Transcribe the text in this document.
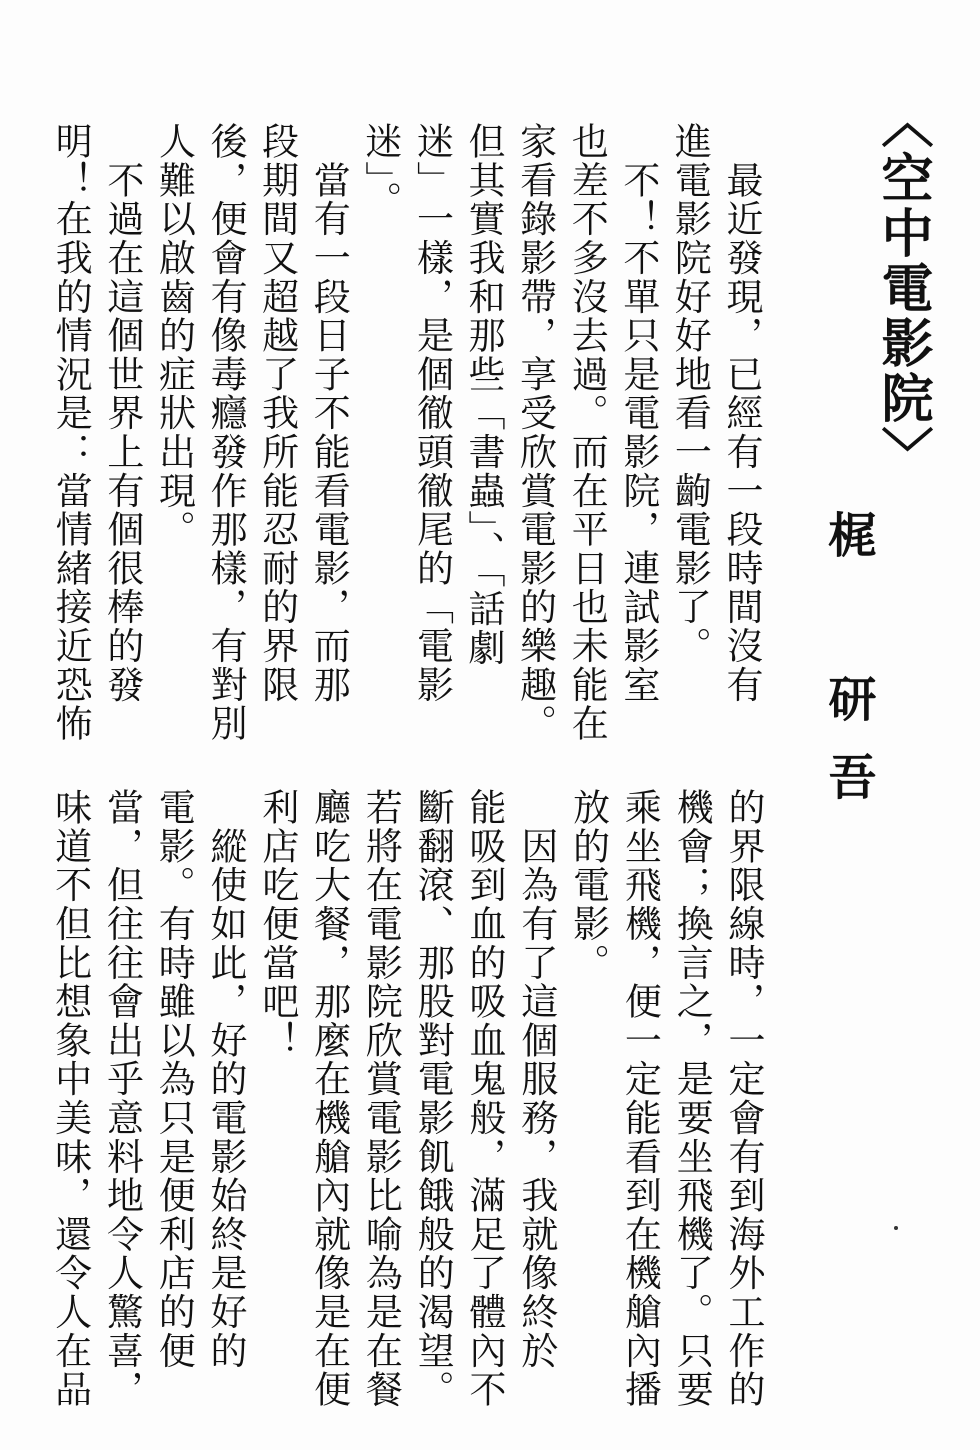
〈空中電影院〉
梶 研吾
　最近發現，已經有一段時間沒有
進電影院好好地看一齣電影了。
　不！不單只是電影院，連試影室
也差不多沒去過。而在平日也未能在
家看錄影帶，享受欣賞電影的樂趣。
但其實我和那些「書蟲」、「話劇
迷」一樣，是個徹頭徹尾的「電影
迷」。
　當有一段日子不能看電影，而那
段期間又超越了我所能忍耐的界限
後，便會有像毒癮發作那樣，有對別
人難以啟齒的症狀出現。
　不過在這個世界上有個很棒的發
明！在我的情況是：當情緒接近恐怖
的界限線時，一定會有到海外工作的
機會；換言之，是要坐飛機了。只要
乘坐飛機，便一定能看到在機艙內播
放的電影。
　因為有了這個服務，我就像終於
能吸到血的吸血鬼般，滿足了體內不
斷翻滾、那股對電影飢餓般的渴望。
若將在電影院欣賞電影比喻為是在餐
廳吃大餐，那麼在機艙內就像是在便
利店吃便當吧！
　縱使如此，好的電影始終是好的
電影。有時雖以為只是便利店的便
當，但往往會出乎意料地令人驚喜，
味道不但比想象中美味，還令人在品
